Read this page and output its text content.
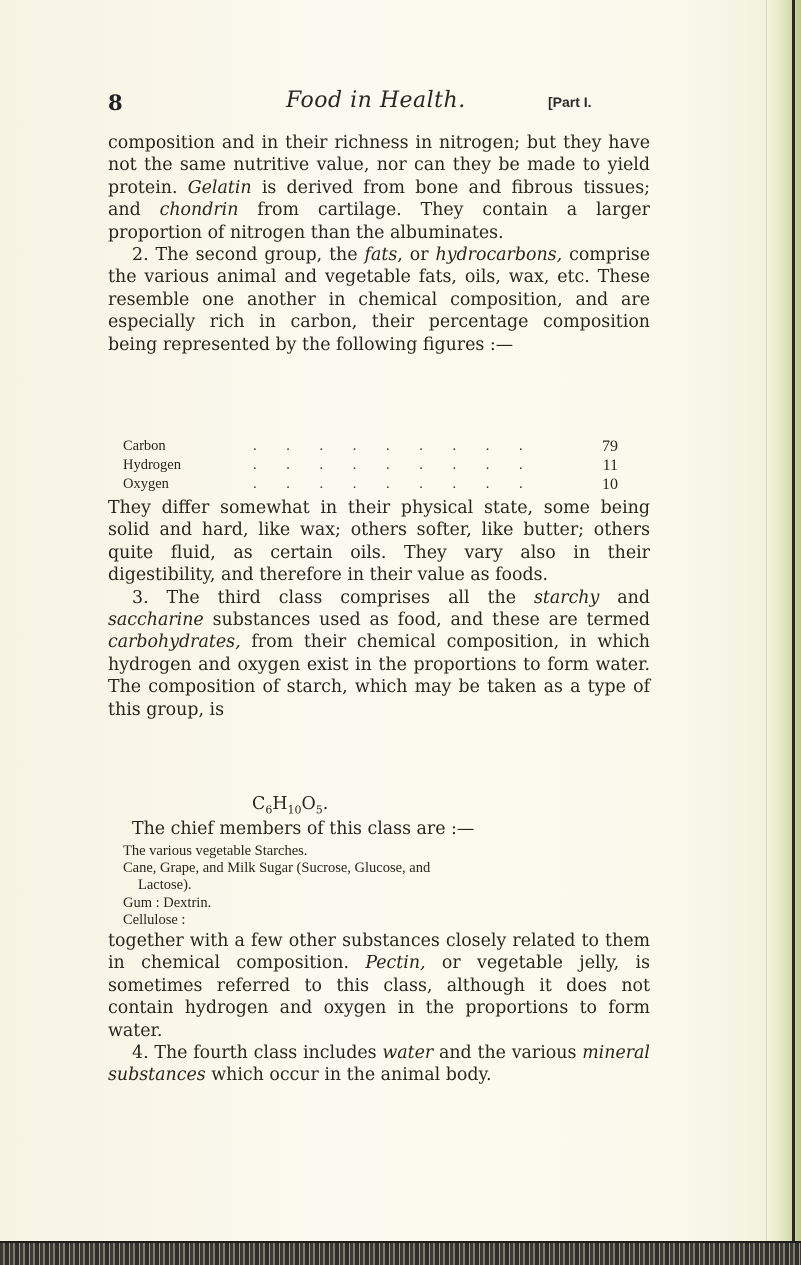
8	Food in Health.	[Part I.

composition and in their richness in nitrogen; but they have not the same nutritive value, nor can they be made to yield protein. Gelatin is derived from bone and fibrous tissues; and chondrin from cartilage. They contain a larger proportion of nitrogen than the albuminates.

2. The second group, the fats, or hydrocarbons, comprise the various animal and vegetable fats, oils, wax, etc. These resemble one another in chemical composition, and are especially rich in carbon, their percentage composition being represented by the following figures :—

Carbon	. . . . . . . . .	79
Hydrogen	. . . . . . . . .	11
Oxygen	. . . . . . . . .	10

They differ somewhat in their physical state, some being solid and hard, like wax; others softer, like butter; others quite fluid, as certain oils. They vary also in their digestibility, and therefore in their value as foods.

3. The third class comprises all the starchy and saccharine substances used as food, and these are termed carbohydrates, from their chemical composition, in which hydrogen and oxygen exist in the proportions to form water. The composition of starch, which may be taken as a type of this group, is

$C_6H_{10}O_5$.

The chief members of this class are :—

The various vegetable Starches.
Cane, Grape, and Milk Sugar (Sucrose, Glucose, and
Lactose).
Gum : Dextrin.
Cellulose :

together with a few other substances closely related to them in chemical composition. Pectin, or vegetable jelly, is sometimes referred to this class, although it does not contain hydrogen and oxygen in the proportions to form water.

4. The fourth class includes water and the various mineral substances which occur in the animal body.
